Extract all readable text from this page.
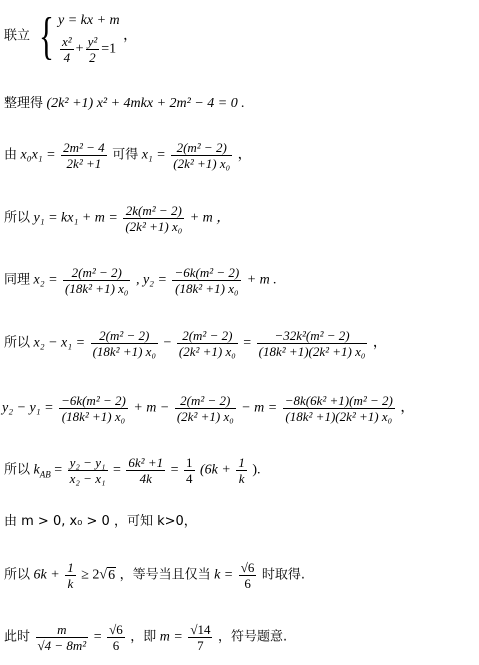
联立 { y = kx + m
$\frac{\text{x²}}{4} + \frac{\text{y²}}{2} =1$
，
整理得 (2k² +1) x² + 4mkx + 2m² − 4 = 0 .
由 $x_0x_1 = \frac{\text{2m² − 4}}{\text{2k² +1}}$ 可得 $x_1 = \frac{\text{2(m² − 2)}}{\text{(2k² +1) x₀}}$ ，
所以 $y_1 = kx_1 + m = \frac{\text{2k(m² − 2)}}{\text{(2k² +1) x₀}} + m$ ，
同理 $x_2 = \frac{\text{2(m² − 2)}}{\text{(18k² +1) x₀}}$ , $y_2 = \frac{\text{−6k(m² − 2)}}{\text{(18k² +1) x₀}} + m$ .
所以 $x_2 - x_1 = \frac{\text{2(m² − 2)}}{\text{(18k² +1) x₀}} - \frac{\text{2(m² − 2)}}{\text{(2k² +1) x₀}} = \frac{\text{−32k²(m² − 2)}}{\text{(18k² +1)(2k² +1) x₀}}$ ，
$y_2 - y_1 = \frac{\text{−6k(m² − 2)}}{\text{(18k² +1) x₀}} + m - \frac{\text{2(m² − 2)}}{\text{(2k² +1) x₀}} - m = \frac{\text{−8k(6k² +1)(m² − 2)}}{\text{(18k² +1)(2k² +1) x₀}}$ ，
所以 $k_{AB} = \frac{\text{y₂ − y₁}}{\text{x₂ − x₁}} = \frac{\text{6k² +1}}{4k} = \frac{1}{4} (6k + \frac{1}{k}$ ).
由 m > 0, x₀ > 0 ，可知 k>0，
所以 $6k + \frac{1}{k} \ge 2√6$ ，等号当且仅当 $k = \frac{√6}{6}$ 时取得.
此时 $\frac{m}{\text{√4 − 8m²}} = \frac{√6}{6}$ ，即 $m = \frac{√14}{7}$ ，符号题意.
